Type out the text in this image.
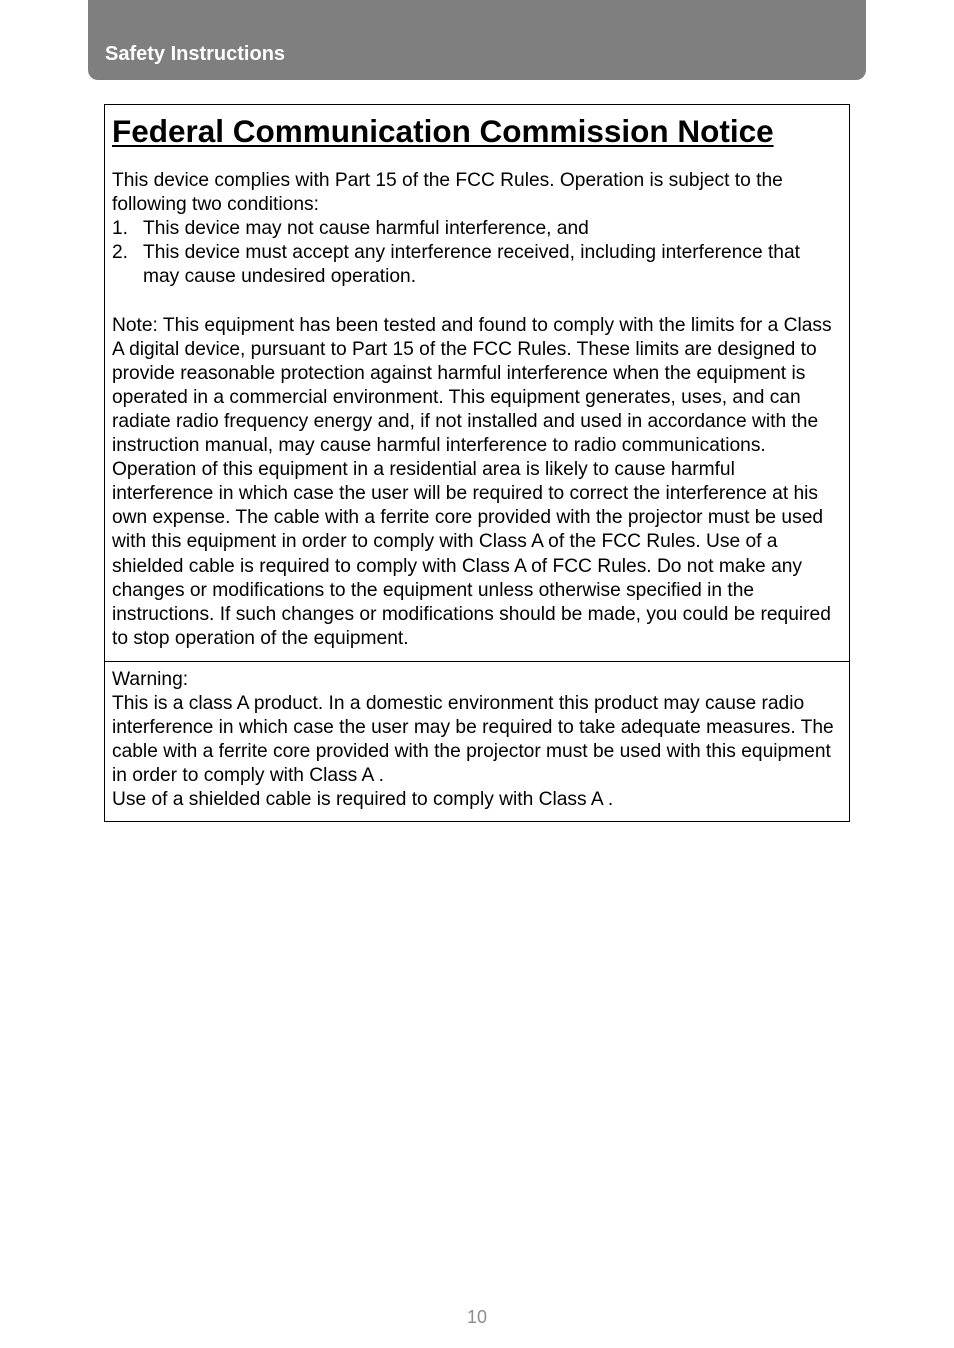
Safety Instructions
Federal Communication Commission Notice

This device complies with Part 15 of the FCC Rules. Operation is subject to the following two conditions:

1. This device may not cause harmful interference, and
2. This device must accept any interference received, including interference that may cause undesired operation.

Note: This equipment has been tested and found to comply with the limits for a Class A digital device, pursuant to Part 15 of the FCC Rules. These limits are designed to provide reasonable protection against harmful interference when the equipment is operated in a commercial environment. This equipment generates, uses, and can radiate radio frequency energy and, if not installed and used in accordance with the instruction manual, may cause harmful interference to radio communications. Operation of this equipment in a residential area is likely to cause harmful interference in which case the user will be required to correct the interference at his own expense. The cable with a ferrite core provided with the projector must be used with this equipment in order to comply with Class A of the FCC Rules. Use of a shielded cable is required to comply with Class A of FCC Rules. Do not make any changes or modifications to the equipment unless otherwise specified in the instructions. If such changes or modifications should be made, you could be required to stop operation of the equipment.

Warning:

This is a class A product. In a domestic environment this product may cause radio interference in which case the user may be required to take adequate measures. The cable with a ferrite core provided with the projector must be used with this equipment in order to comply with Class A .

Use of a shielded cable is required to comply with Class A .

10
